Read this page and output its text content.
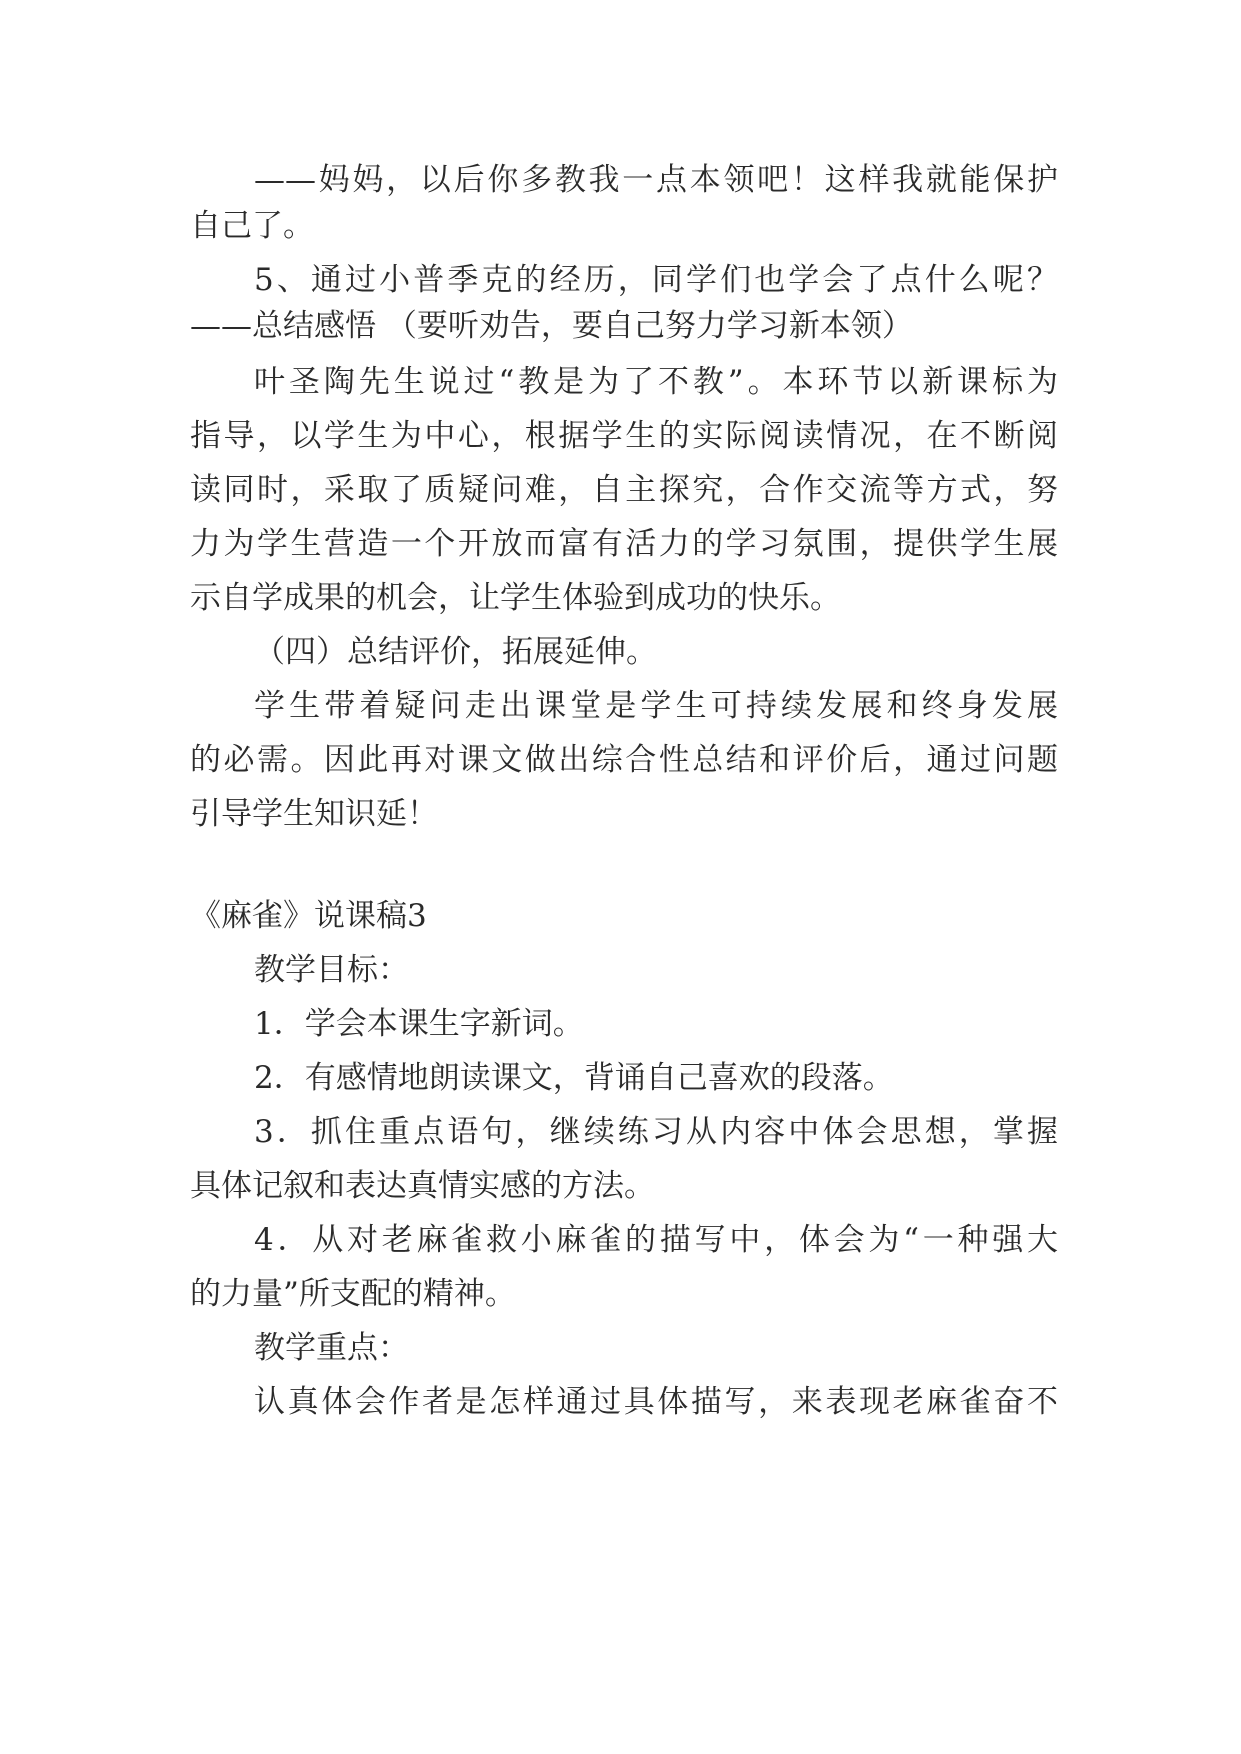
——妈妈，以后你多教我一点本领吧！这样我就能保护
自己了。
5、通过小普季克的经历，同学们也学会了点什么呢？
——总结感悟 （要听劝告，要自己努力学习新本领）
叶圣陶先生说过“教是为了不教”。本环节以新课标为
指导，以学生为中心，根据学生的实际阅读情况，在不断阅
读同时，采取了质疑问难，自主探究，合作交流等方式，努
力为学生营造一个开放而富有活力的学习氛围，提供学生展
示自学成果的机会，让学生体验到成功的快乐。
（四）总结评价，拓展延伸。
学生带着疑问走出课堂是学生可持续发展和终身发展
的必需。因此再对课文做出综合性总结和评价后，通过问题
引导学生知识延！
《麻雀》说课稿3
教学目标：
1．学会本课生字新词。
2．有感情地朗读课文，背诵自己喜欢的段落。
3．抓住重点语句，继续练习从内容中体会思想，掌握
具体记叙和表达真情实感的方法。
4．从对老麻雀救小麻雀的描写中，体会为“一种强大
的力量”所支配的精神。
教学重点：
认真体会作者是怎样通过具体描写，来表现老麻雀奋不
